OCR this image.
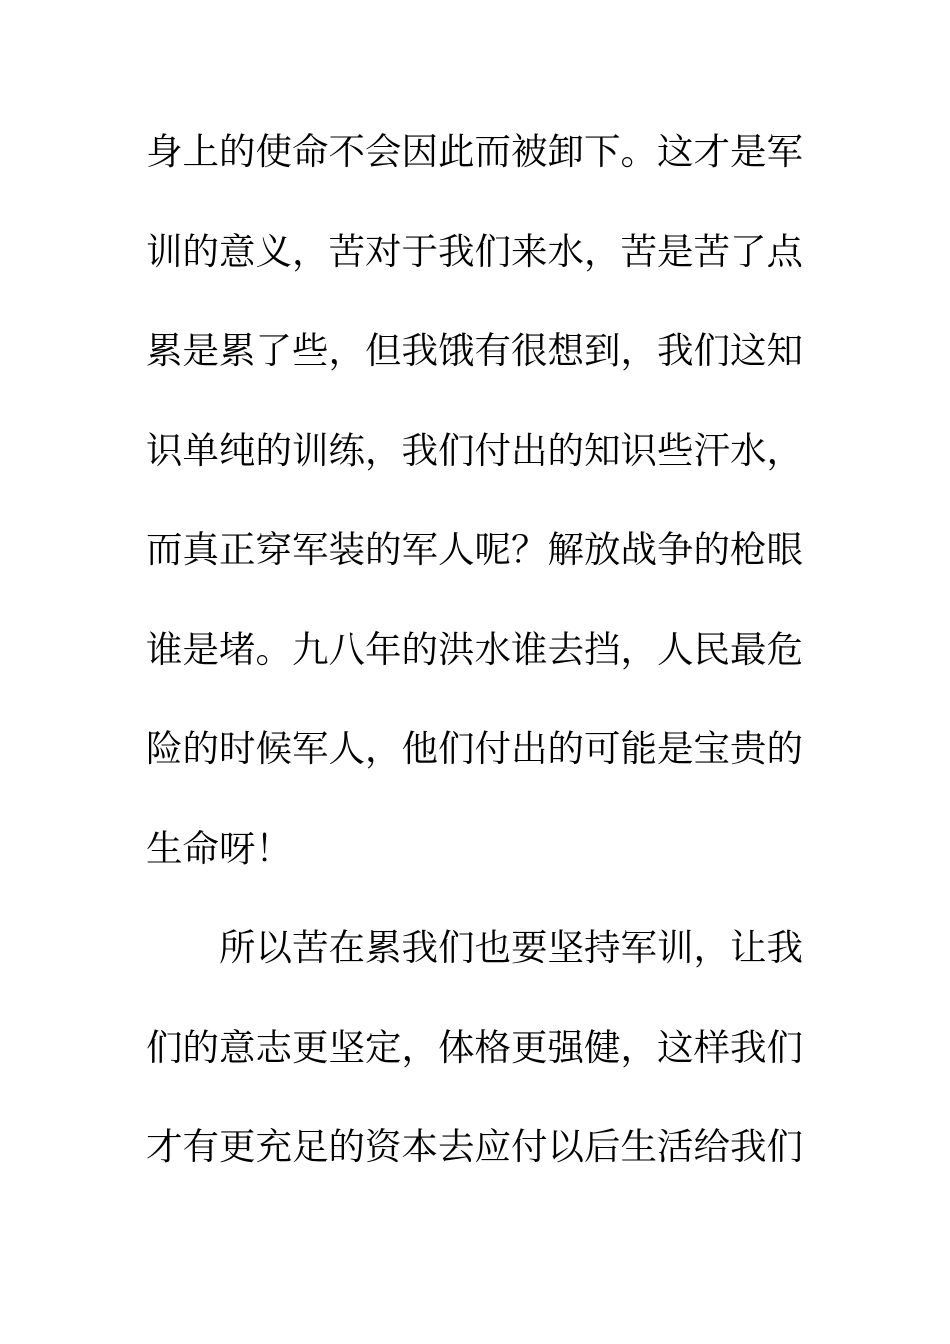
身上的使命不会因此而被卸下。这才是军
训的意义，苦对于我们来水，苦是苦了点
累是累了些，但我饿有很想到，我们这知
识单纯的训练，我们付出的知识些汗水，
而真正穿军装的军人呢？解放战争的枪眼
谁是堵。九八年的洪水谁去挡，人民最危
险的时候军人，他们付出的可能是宝贵的
生命呀！
所以苦在累我们也要坚持军训，让我
们的意志更坚定，体格更强健，这样我们
才有更充足的资本去应付以后生活给我们
